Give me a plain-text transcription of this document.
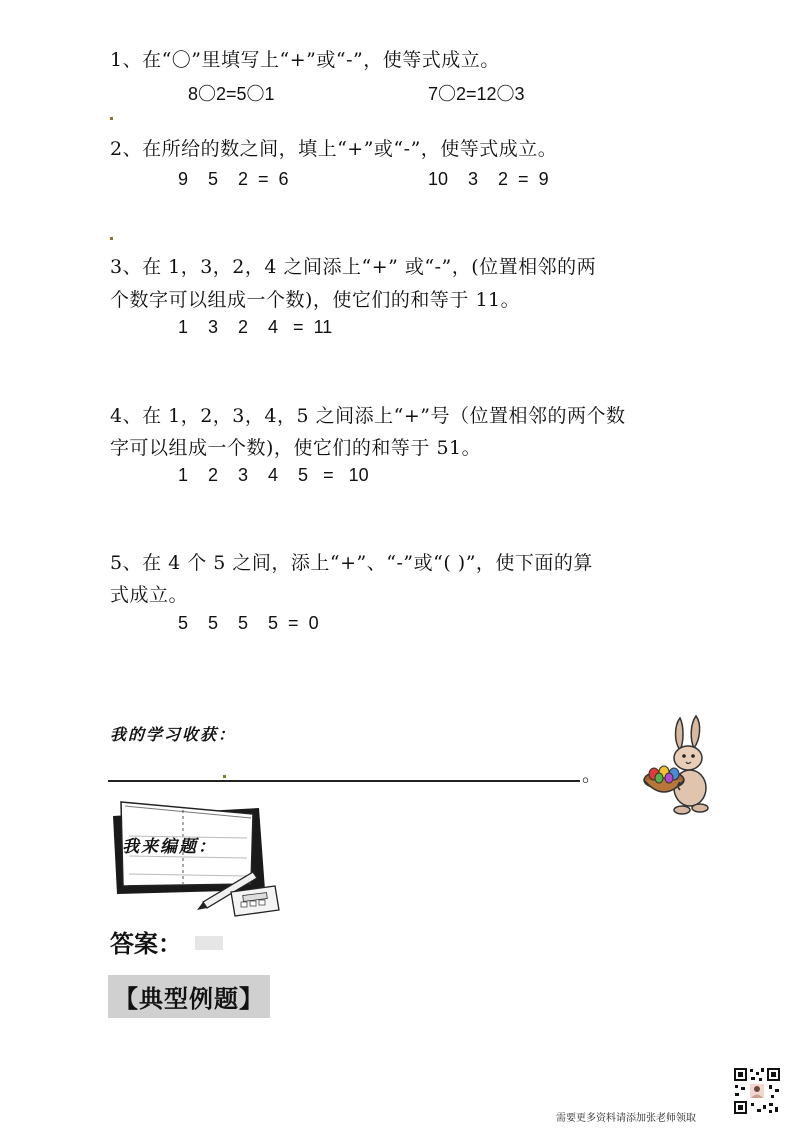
1、在“〇”里填写上“+”或“-”，使等式成立。
8〇2=5〇1	7〇2=12〇3
2、在所给的数之间，填上“+”或“-”，使等式成立。
9    5    2  =  6	10    3    2  =  9
3、在 1，3，2，4 之间添上“+” 或“-”，(位置相邻的两
个数字可以组成一个数)，使它们的和等于 11。
1    3    2    4   =  11
4、在 1，2，3，4，5 之间添上“+”号（位置相邻的两个数
字可以组成一个数)，使它们的和等于 51。
1    2    3    4    5   =   10
5、在 4 个 5 之间，添上“+”、“-”或“( )”，使下面的算
式成立。
5    5    5    5  =  0
我的学习收获：
。
我来编题：
答案：
【典型例题】
需要更多资料请添加张老师领取
